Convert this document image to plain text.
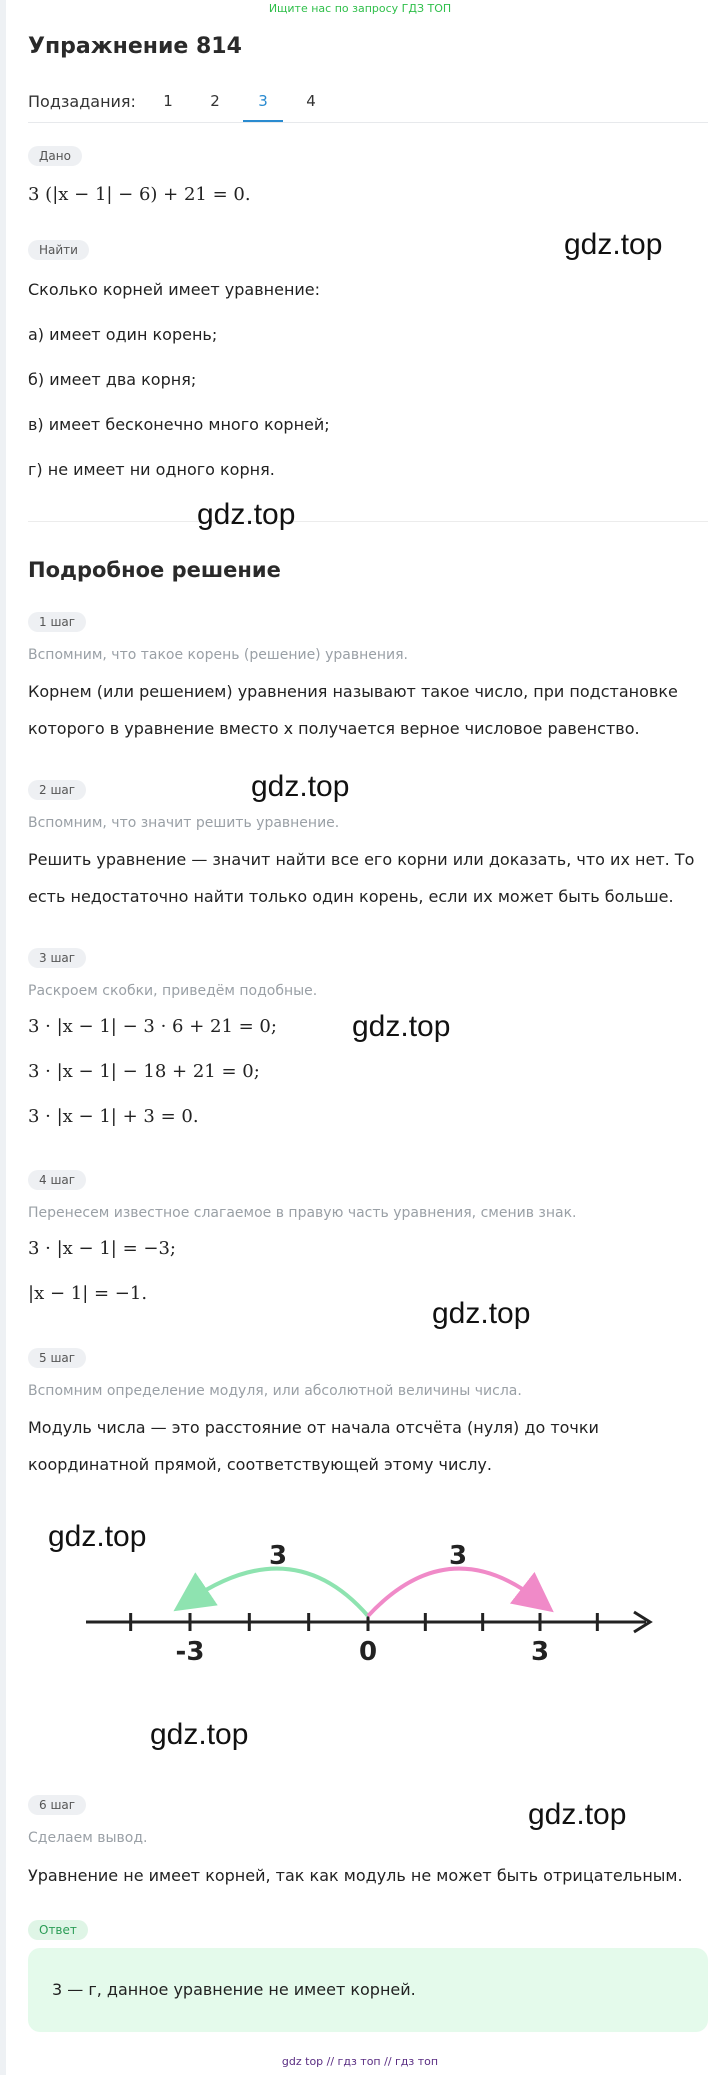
Ищите нас по запросу ГДЗ ТОП
Упражнение 814
Подзадания:	1	2	3	4
Дано
3 (|x − 1| − 6) + 21 = 0.
Найти
Сколько корней имеет уравнение:
а) имеет один корень;
б) имеет два корня;
в) имеет бесконечно много корней;
г) не имеет ни одного корня.
Подробное решение
1 шаг
Вспомним, что такое корень (решение) уравнения.
Корнем (или решением) уравнения называют такое число, при подстановке
которого в уравнение вместо x получается верное числовое равенство.
2 шаг
Вспомним, что значит решить уравнение.
Решить уравнение — значит найти все его корни или доказать, что их нет. То
есть недостаточно найти только один корень, если их может быть больше.
3 шаг
Раскроем скобки, приведём подобные.
3 · |x − 1| − 3 · 6 + 21 = 0;
3 · |x − 1| − 18 + 21 = 0;
3 · |x − 1| + 3 = 0.
4 шаг
Перенесем известное слагаемое в правую часть уравнения, сменив знак.
3 · |x − 1| = −3;
|x − 1| = −1.
5 шаг
Вспомним определение модуля, или абсолютной величины числа.
Модуль числа — это расстояние от начала отсчёта (нуля) до точки
координатной прямой, соответствующей этому числу.
3	3
-3	0	3
6 шаг
Сделаем вывод.
Уравнение не имеет корней, так как модуль не может быть отрицательным.
Ответ
3 — г, данное уравнение не имеет корней.
gdz.top
gdz.top
gdz.top
gdz.top
gdz.top
gdz.top
gdz.top
gdz.top
gdz top // гдз топ // гдз топ
